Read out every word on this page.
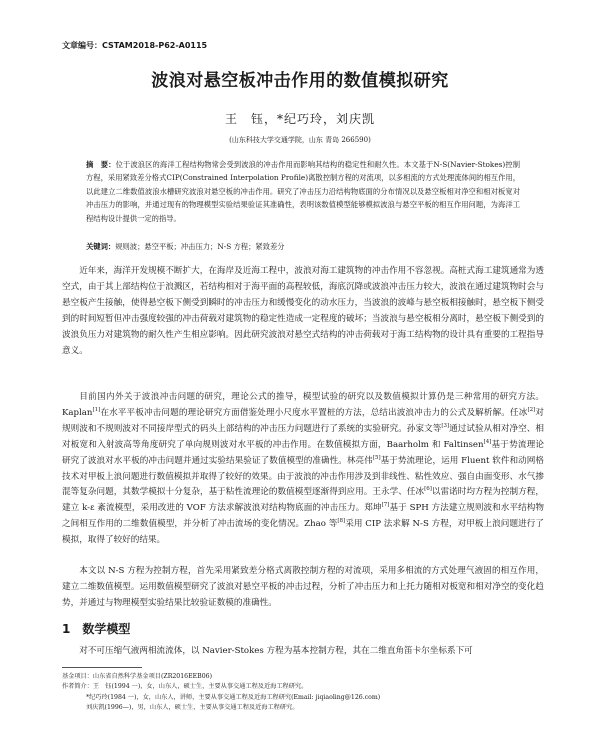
文章编号：CSTAM2018-P62-A0115
波浪对悬空板冲击作用的数值模拟研究
王　钰，*纪巧玲，刘庆凯
(山东科技大学交通学院，山东 青岛 266590)
摘　要：位于波浪区的海洋工程结构物常会受到波浪的冲击作用而影响其结构的稳定性和耐久性。本文基于N-S(Navier-Stokes)控制方程，采用紧致差分格式CIP(Constrained Interpolation Profile)离散控制方程的对流项，以多相流的方式处理流体间的相互作用，以此建立二维数值波浪水槽研究波浪对悬空板的冲击作用。研究了冲击压力沿结构物底面的分布情况以及悬空板相对净空和相对板宽对冲击压力的影响，并通过现有的物理模型实验结果验证其准确性，表明该数值模型能够模拟波浪与悬空平板的相互作用问题，为海洋工程结构设计提供一定的指导。
关键词：规则波；悬空平板；冲击压力；N-S 方程；紧致差分
近年来，海洋开发规模不断扩大，在海岸及近海工程中，波浪对海工建筑物的冲击作用不容忽视。高桩式海工建筑通常为透空式，由于其上部结构位于浪溅区，若结构相对于海平面的高程较低，海底沉降或波浪冲击压力较大，波浪在通过建筑物时会与悬空板产生接触，使得悬空板下侧受到瞬时的冲击压力和缓慢变化的动水压力，当波浪的波峰与悬空板相接触时，悬空板下侧受到的时间短暂但冲击强度较强的冲击荷载对建筑物的稳定性造成一定程度的破坏；当波浪与悬空板相分离时，悬空板下侧受到的波浪负压力对建筑物的耐久性产生相应影响。因此研究波浪对悬空式结构的冲击荷载对于海工结构物的设计具有重要的工程指导意义。
目前国内外关于波浪冲击问题的研究，理论公式的推导，模型试验的研究以及数值模拟计算仍是三种常用的研究方法。Kaplan[1]在水平平板冲击问题的理论研究方面借鉴处理小尺度水平置桩的方法，总结出波浪冲击力的公式及解析解。任冰[2]对规则波和不规则波对不同接岸型式的码头上部结构的冲击压力问题进行了系统的实验研究。孙家文等[3]通过试验从相对净空、相对板宽和入射波高等角度研究了单向规则波对水平板的冲击作用。在数值模拟方面，Baarholm 和 Faltinsen[4]基于势流理论研究了波浪对水平板的冲击问题并通过实验结果验证了数值模型的准确性。林亮伟[5]基于势流理论，运用 Fluent 软件和动网格技术对甲板上浪问题进行数值模拟并取得了较好的效果。由于波浪的冲击作用涉及到非线性、粘性效应、强自由面变形、水气掺混等复杂问题，其数学模拟十分复杂，基于粘性流理论的数值模型逐渐得到应用。王永学、任冰[6]以雷诺时均方程为控制方程，建立 k-ε 紊流模型，采用改进的 VOF 方法求解波浪对结构物底面的冲击压力。郑坤[7]基于 SPH 方法建立规则波和水平结构物之间相互作用的二维数值模型，并分析了冲击流场的变化情况。Zhao 等[8]采用 CIP 法求解 N-S 方程，对甲板上浪问题进行了模拟，取得了较好的结果。
本文以 N-S 方程为控制方程，首先采用紧致差分格式离散控制方程的对流项，采用多相流的方式处理气液固的相互作用，建立二维数值模型。运用数值模型研究了波浪对悬空平板的冲击过程，分析了冲击压力和上托力随相对板宽和相对净空的变化趋势，并通过与物理模型实验结果比较验证数模的准确性。
1 数学模型
对不可压缩气液两相流流体，以 Navier-Stokes 方程为基本控制方程，其在二维直角笛卡尔坐标系下可
基金项目：山东省自然科学基金项目(ZR2016EEB06)
作者简介：王　钰(1994 一)，女，山东人，硕士生，主要从事交通工程及近海工程研究。
*纪巧玲(1984 一)，女，山东人，讲师，主要从事交通工程及近海工程研究(Email: jiqiaoling@126.com)
刘庆凯(1996—)，男，山东人，硕士生，主要从事交通工程及近海工程研究。
